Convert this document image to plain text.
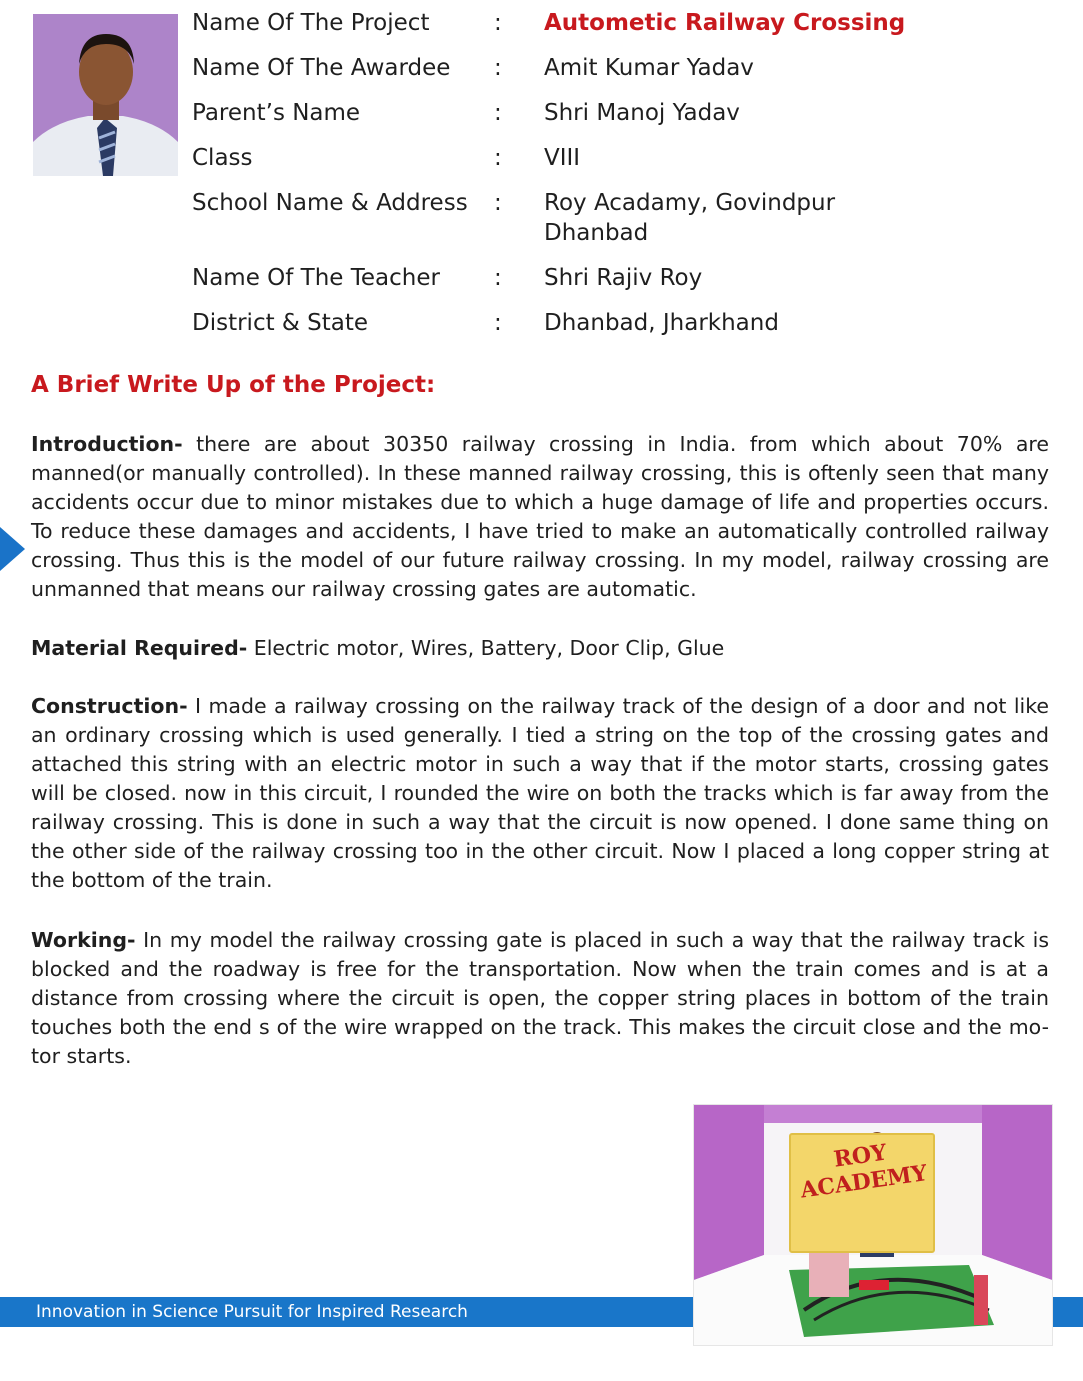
Name Of The Project	: Autometic Railway Crossing
Name Of The Awardee : Amit Kumar Yadav
Parent’s Name	: Shri Manoj Yadav
Class	: VIII
School Name & Address : Roy Acadamy, Govindpur
Dhanbad
Name Of The Teacher : Shri Rajiv Roy
District & State	: Dhanbad, Jharkhand
A Brief Write Up of the Project:

Introduction- there are about 30350 railway crossing in India. from which about 70% are manned(or manually controlled). In these manned railway crossing, this is oftenly seen that many accidents occur due to minor mistakes due to which a huge damage of life and properties occurs. To reduce these damages and accidents, I have tried to make an automatically controlled railway crossing. Thus this is the model of our future railway crossing. In my model, railway crossing are unmanned that means our railway crossing gates are automatic.

Material Required- Electric motor, Wires, Battery, Door Clip, Glue

Construction- I made a railway crossing on the railway track of the design of a door and not like an ordinary crossing which is used generally. I tied a string on the top of the crossing gates and attached this string with an electric motor in such a way that if the motor starts, crossing gates will be closed. now in this circuit, I rounded the wire on both the tracks which is far away from the railway crossing. This is done in such a way that the circuit is now opened. I done same thing on the other side of the railway crossing too in the other circuit. Now I placed a long copper string at the bottom of the train.

Working- In my model the railway crossing gate is placed in such a way that the railway track is blocked and the roadway is free for the transportation. Now when the train comes and is at a distance from crossing where the circuit is open, the copper string places in bottom of the train touches both the end s of the wire wrapped on the track. This makes the circuit close and the mo-tor starts.

Innovation in Science Pursuit for Inspired Research
ROY ACADEMY
